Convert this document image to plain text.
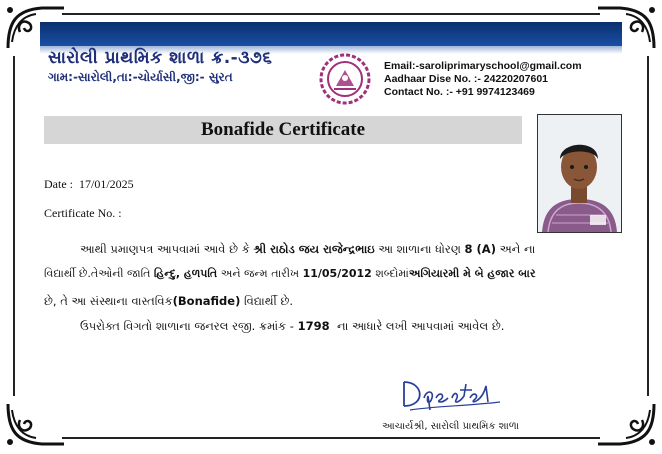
સારોલી પ્રાથમિક શાળા ક્ર.-૩૭૬
ગામ:-સારોલી,તા:-ચોર્યાસી,જી:- સુરત
Email:-saroliprimaryschool@gmail.com
Aadhaar Dise No. :- 24220207601
Contact No. :- +91 9974123469
Bonafide Certificate
Date : 17/01/2025
Certificate No. :
આથી પ્રમાણપત્ર આપવામાં આવે છે કે શ્રી રાઠોડ જય રાજેન્દ્રભાઇ આ શાળાના ધોરણ 8 (A) અને ના
વિદ્યાર્થી છે.તેઓની જાતિ હિન્દુ, હળપતિ અને જન્મ તારીખ 11/05/2012 શબ્દોમાંઅગિયારમી મે બે હજાર બાર
છે, તે આ સંસ્થાના વાસ્તવિક(Bonafide) વિદ્યાર્થી છે.
ઉપરોક્ત વિગતો શાળાના જનરલ રજી. ક્રમાંક - 1798 ના આધારે લખી આપવામાં આવેલ છે.
આચાર્યશ્રી, સારોલી પ્રાથમિક શાળા
